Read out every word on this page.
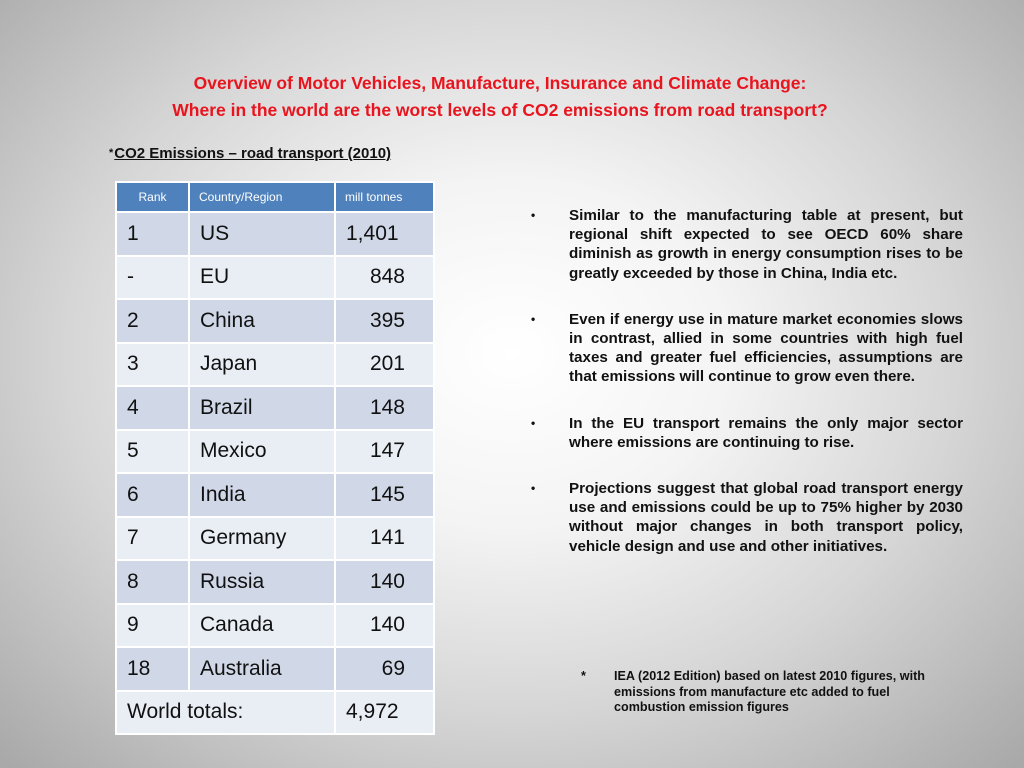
Overview of Motor Vehicles, Manufacture, Insurance and Climate Change:
Where in the world are the worst levels of CO2 emissions from road transport?
*CO2 Emissions – road transport (2010)
Rank	Country/Region	mill tonnes
1	US	1,401
-	EU	848
2	China	395
3	Japan	201
4	Brazil	148
5	Mexico	147
6	India	145
7	Germany	141
8	Russia	140
9	Canada	140
18	Australia	69
World totals:		4,972
• Similar to the manufacturing table at present, but regional shift expected to see OECD 60% share diminish as growth in energy consumption rises to be greatly exceeded by those in China, India etc.
• Even if energy use in mature market economies slows in contrast, allied in some countries with high fuel taxes and greater fuel efficiencies, assumptions are that emissions will continue to grow even there.
• In the EU transport remains the only major sector where emissions are continuing to rise.
• Projections suggest that global road transport energy use and emissions could be up to 75% higher by 2030 without major changes in both transport policy, vehicle design and use and other initiatives.
* IEA (2012 Edition) based on latest 2010 figures, with emissions from manufacture etc added to fuel combustion emission figures
